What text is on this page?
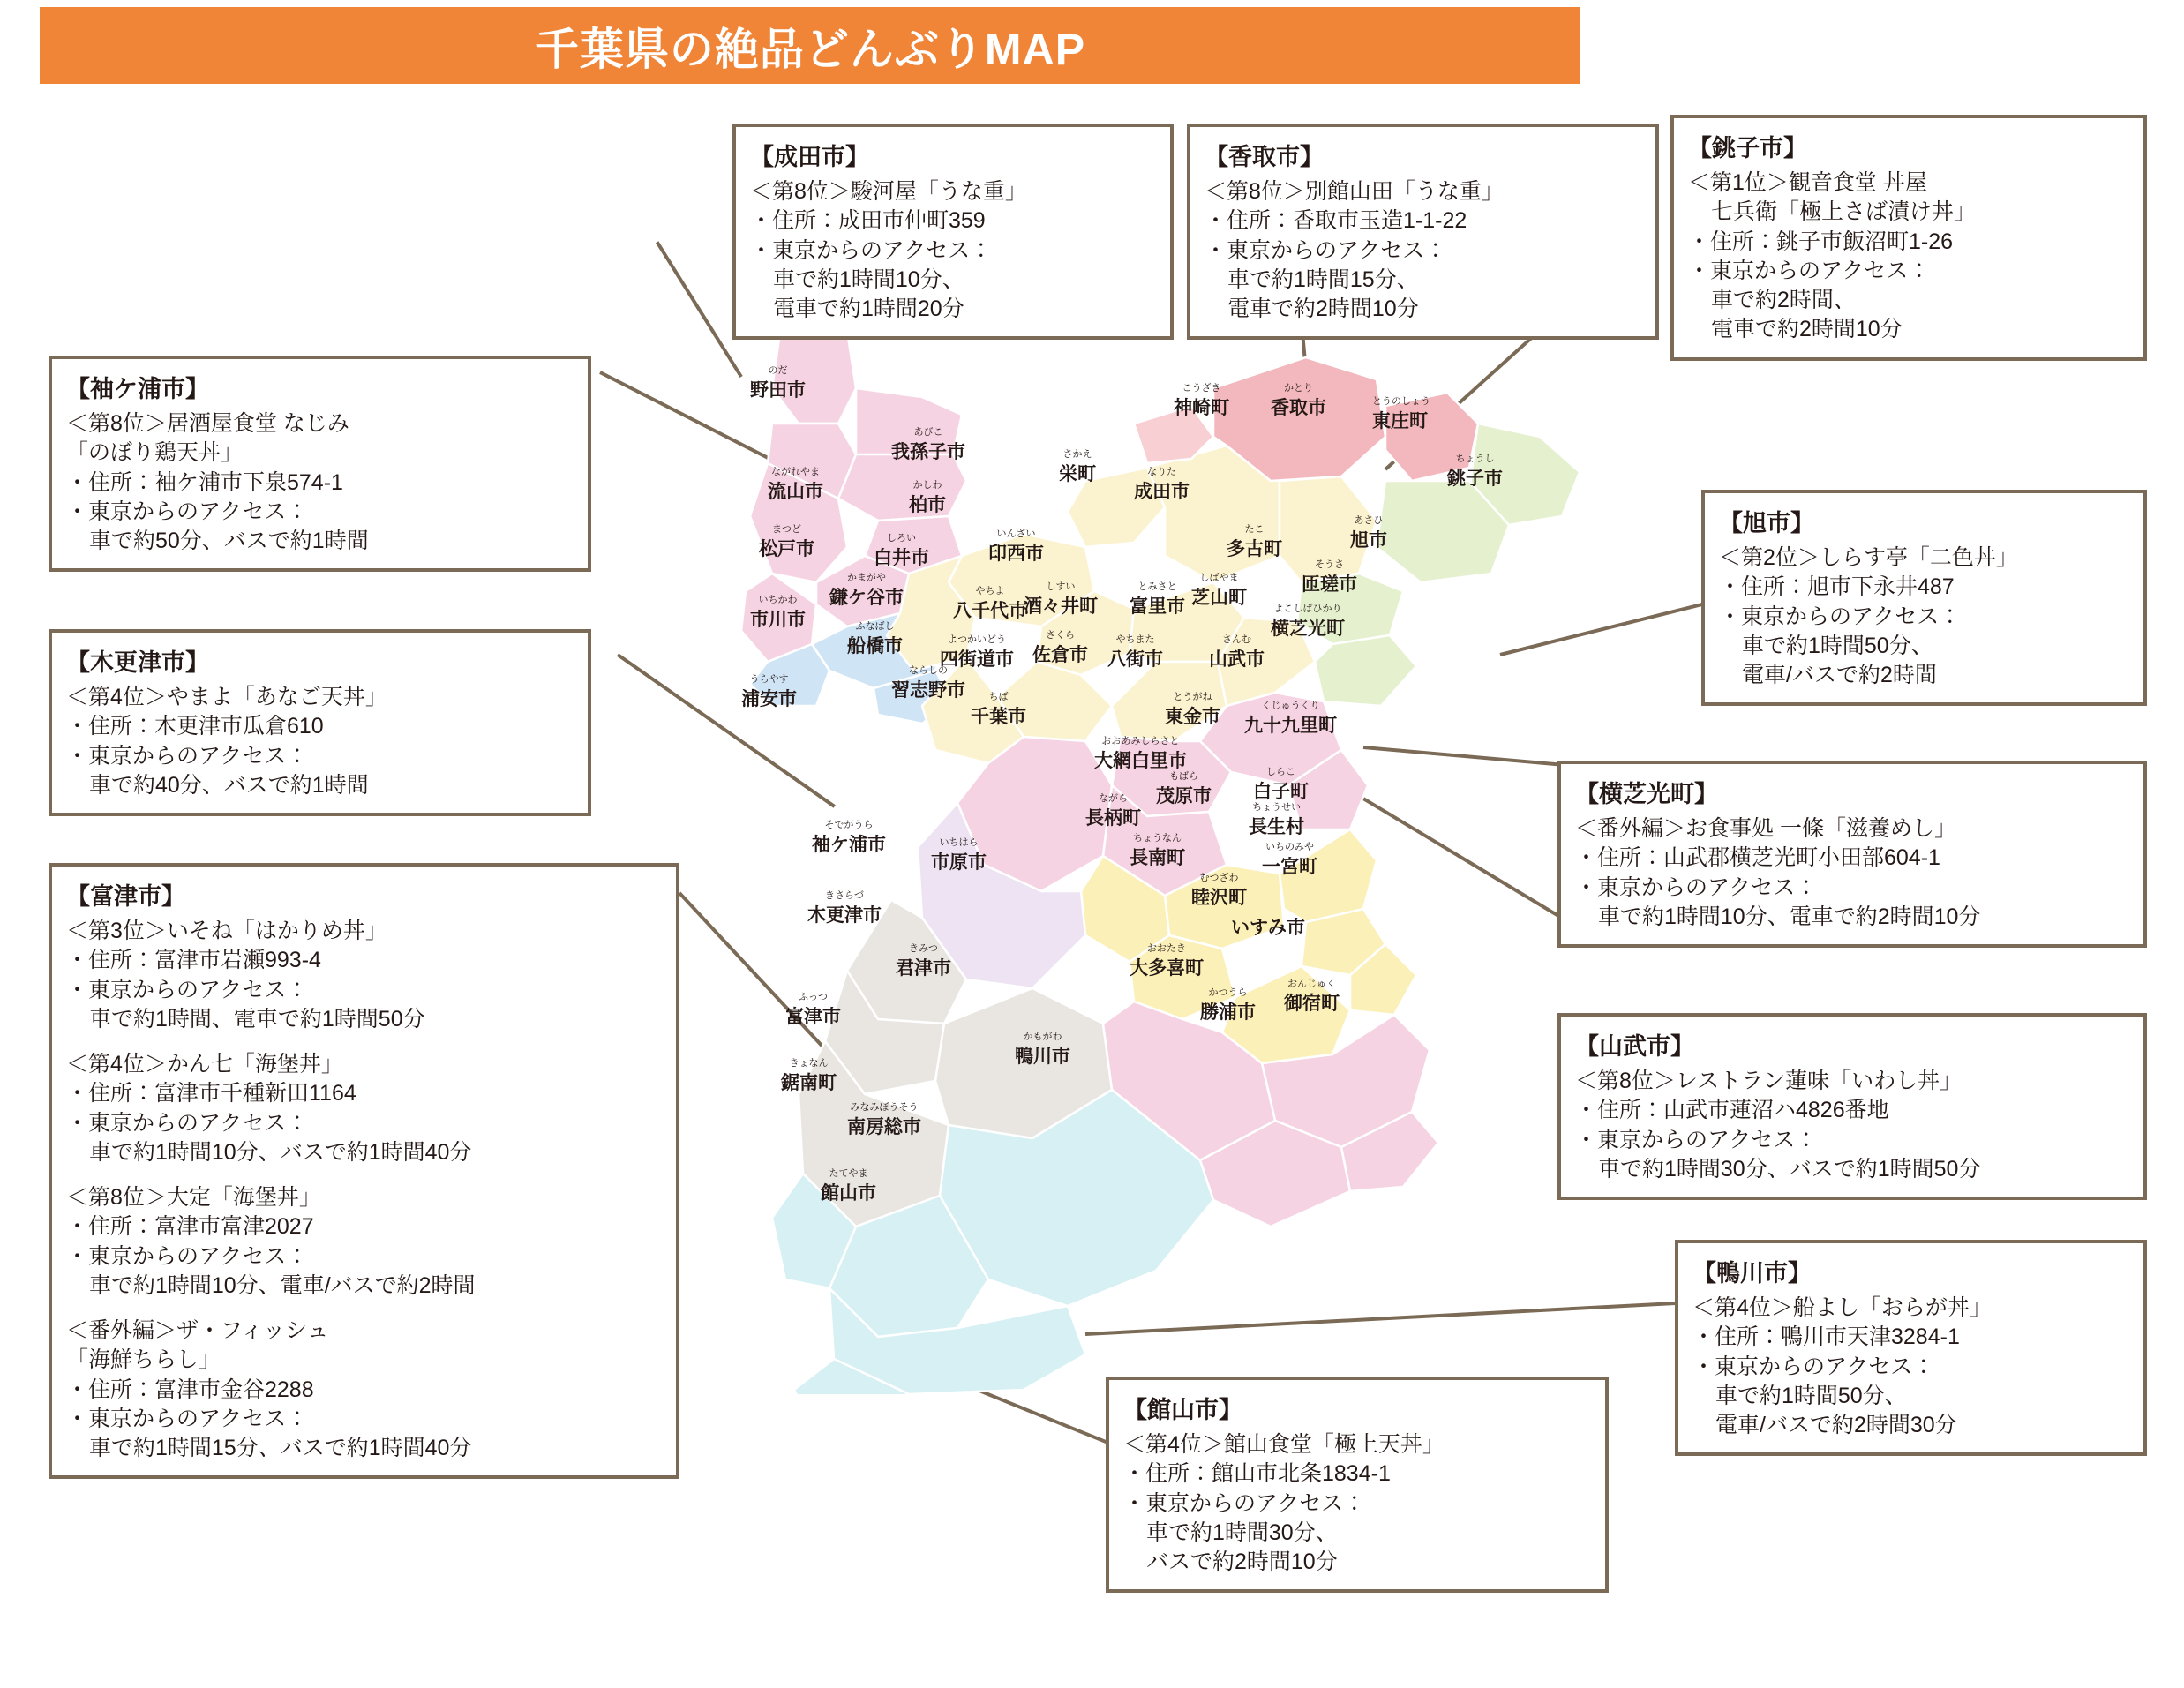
千葉県の絶品どんぶりMAP
のだ
野田市
ながれやま
流山市
あびこ
我孫子市
かしわ
柏市
しろい
白井市
いんざい
印西市
さかえ
栄町	なりた
成田市
こうざき
神崎町
かとり
香取市	とうのしょう
東庄町
ちょうし
銚子市
たこ
多古町
あさひ
旭市
しばやま
芝山町
そうさ
匝瑳市
まつど
松戸市
かまがや
鎌ケ谷市	やちよ
八千代市
いちかわ
市川市	ふなばし
船橋市
ならしの
習志野市
うらやす
浦安市
しすい
酒々井町
さくら
佐倉市
よつかいどう
四街道市
とみさと
富里市
やちまた
八街市
さんむ
山武市
よこしばひかり
横芝光町
ちば
千葉市
とうがね
東金市
くじゅうくり
九十九里町
おおあみしらさと
大網白里市
もばら
茂原市
しらこ
白子町
ながら
長柄町
ちょうせい
長生村
ちょうなん
長南町
いちのみや
一宮町
むつざわ
睦沢町
いすみ市
いちはら
市原市
そでがうら
袖ケ浦市
きさらづ
木更津市
きみつ
君津市
おおたき
大多喜町
かつうら
勝浦市
おんじゅく
御宿町
ふっつ
富津市
かもがわ
鴨川市
きょなん
鋸南町
みなみぼうそう
南房総市
たてやま
館山市
【成田市】
＜第8位＞駿河屋「うな重」
・住所：成田市仲町359
・東京からのアクセス：
車で約1時間10分、
電車で約1時間20分
【香取市】
＜第8位＞別館山田「うな重」
・住所：香取市玉造1-1-22
・東京からのアクセス：
車で約1時間15分、
電車で約2時間10分
【銚子市】
＜第1位＞観音食堂 丼屋
七兵衛「極上さば漬け丼」
・住所：銚子市飯沼町1-26
・東京からのアクセス：
車で約2時間、
電車で約2時間10分
【旭市】
＜第2位＞しらす亭「二色丼」
・住所：旭市下永井487
・東京からのアクセス：
車で約1時間50分、
電車/バスで約2時間
【横芝光町】
＜番外編＞お食事処 一條「滋養めし」
・住所：山武郡横芝光町小田部604-1
・東京からのアクセス：
車で約1時間10分、電車で約2時間10分
【山武市】
＜第8位＞レストラン蓮味「いわし丼」
・住所：山武市蓮沼ハ4826番地
・東京からのアクセス：
車で約1時間30分、バスで約1時間50分
【鴨川市】
＜第4位＞船よし「おらが丼」
・住所：鴨川市天津3284-1
・東京からのアクセス：
車で約1時間50分、
電車/バスで約2時間30分
【館山市】
＜第4位＞館山食堂「極上天丼」
・住所：館山市北条1834-1
・東京からのアクセス：
車で約1時間30分、
バスで約2時間10分
【袖ケ浦市】
＜第8位＞居酒屋食堂 なじみ
「のぼり鶏天丼」
・住所：袖ケ浦市下泉574-1
・東京からのアクセス：
車で約50分、バスで約1時間
【木更津市】
＜第4位＞やまよ「あなご天丼」
・住所：木更津市瓜倉610
・東京からのアクセス：
車で約40分、バスで約1時間
【富津市】
＜第3位＞いそね「はかりめ丼」
・住所：富津市岩瀬993-4
・東京からのアクセス：
車で約1時間、電車で約1時間50分
＜第4位＞かん七「海堡丼」
・住所：富津市千種新田1164
・東京からのアクセス：
車で約1時間10分、バスで約1時間40分
＜第8位＞大定「海堡丼」
・住所：富津市富津2027
・東京からのアクセス：
車で約1時間10分、電車/バスで約2時間
＜番外編＞ザ・フィッシュ
「海鮮ちらし」
・住所：富津市金谷2288
・東京からのアクセス：
車で約1時間15分、バスで約1時間40分
